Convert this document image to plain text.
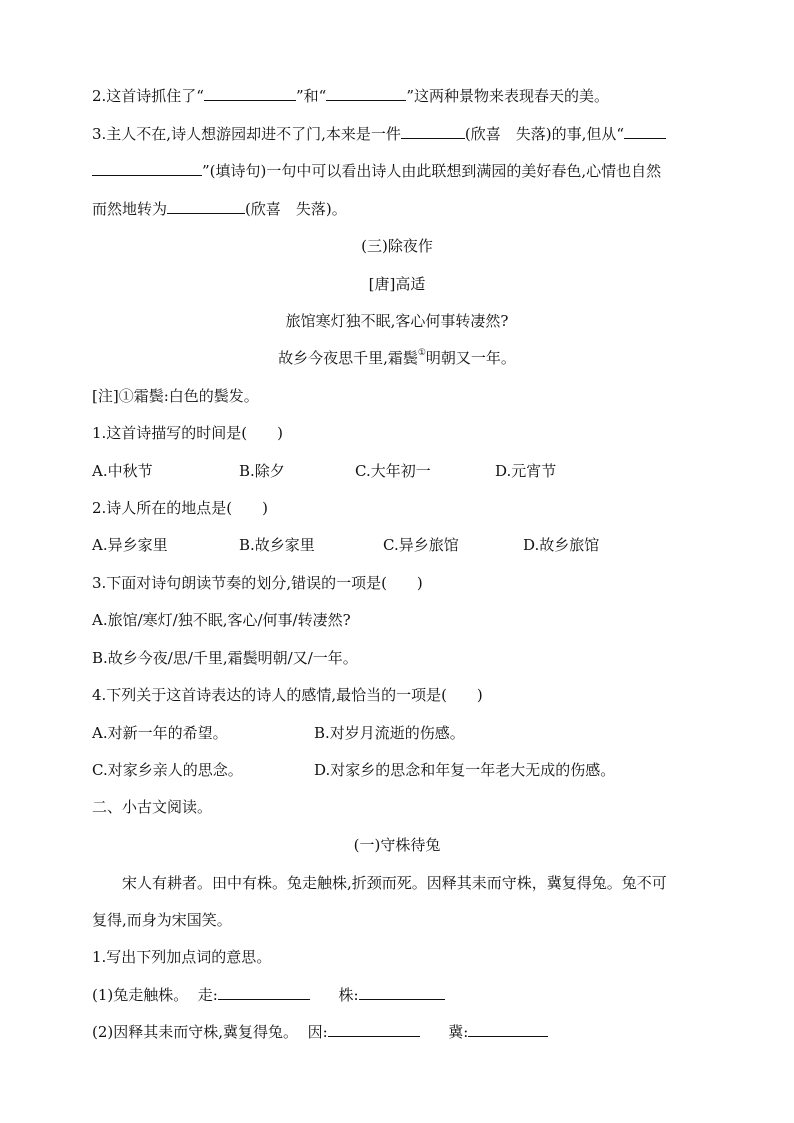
2.这首诗抓住了“	”和“	”这两种景物来表现春天的美。
3.主人不在,诗人想游园却进不了门,本来是一件	(欣喜　失落)的事,但从“
”(填诗句)一句中可以看出诗人由此联想到满园的美好春色,心情也自然
而然地转为	(欣喜　失落)。
(三)除夜作
[唐]高适
旅馆寒灯独不眠,客心何事转凄然?
故乡今夜思千里,霜鬓①明朝又一年。
[注]①霜鬓:白色的鬓发。
1.这首诗描写的时间是(　　)
A.中秋节	B.除夕	C.大年初一	D.元宵节
2.诗人所在的地点是(　　)
A.异乡家里	B.故乡家里	C.异乡旅馆	D.故乡旅馆
3.下面对诗句朗读节奏的划分,错误的一项是(　　)
A.旅馆/寒灯/独不眠,客心/何事/转凄然?
B.故乡今夜/思/千里,霜鬓明朝/又/一年。
4.下列关于这首诗表达的诗人的感情,最恰当的一项是(　　)
A.对新一年的希望。	B.对岁月流逝的伤感。
C.对家乡亲人的思念。	D.对家乡的思念和年复一年老大无成的伤感。
二、小古文阅读。
(一)守株待兔
宋人有耕者。田中有株。兔走触株,折颈而死。因释其耒而守株，冀复得兔。兔不可
复得,而身为宋国笑。
1.写出下列加点词的意思。
(1)兔走触株。 走:	株:
(2)因释其耒而守株,冀复得兔。 因:	冀:
